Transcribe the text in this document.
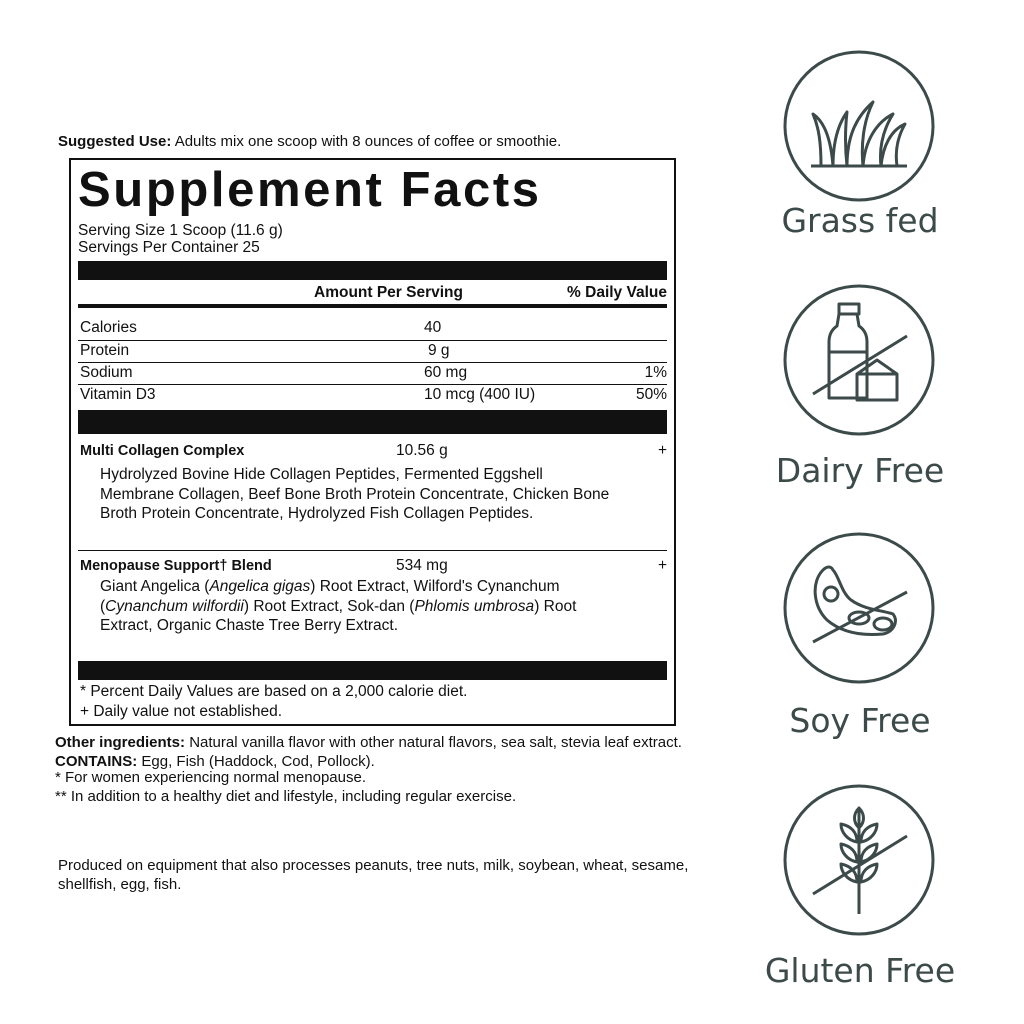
Suggested Use: Adults mix one scoop with 8 ounces of coffee or smoothie.
Supplement Facts
Serving Size 1 Scoop (11.6 g)
Servings Per Container 25
Amount Per Serving	% Daily Value
Calories	40
Protein	9 g
Sodium	60 mg	1%
Vitamin D3	10 mcg (400 IU)	50%
Multi Collagen Complex	10.56 g	+
Hydrolyzed Bovine Hide Collagen Peptides, Fermented Eggshell Membrane Collagen, Beef Bone Broth Protein Concentrate, Chicken Bone Broth Protein Concentrate, Hydrolyzed Fish Collagen Peptides.
Menopause Support† Blend	534 mg	+
Giant Angelica (Angelica gigas) Root Extract, Wilford's Cynanchum (Cynanchum wilfordii) Root Extract, Sok-dan (Phlomis umbrosa) Root Extract, Organic Chaste Tree Berry Extract.
* Percent Daily Values are based on a 2,000 calorie diet.
+ Daily value not established.

Other ingredients: Natural vanilla flavor with other natural flavors, sea salt, stevia leaf extract.

CONTAINS: Egg, Fish (Haddock, Cod, Pollock).

* For women experiencing normal menopause.

** In addition to a healthy diet and lifestyle, including regular exercise.

Produced on equipment that also processes peanuts, tree nuts, milk, soybean, wheat, sesame, shellfish, egg, fish.
Grass fed
Dairy Free
Soy Free
Gluten Free
